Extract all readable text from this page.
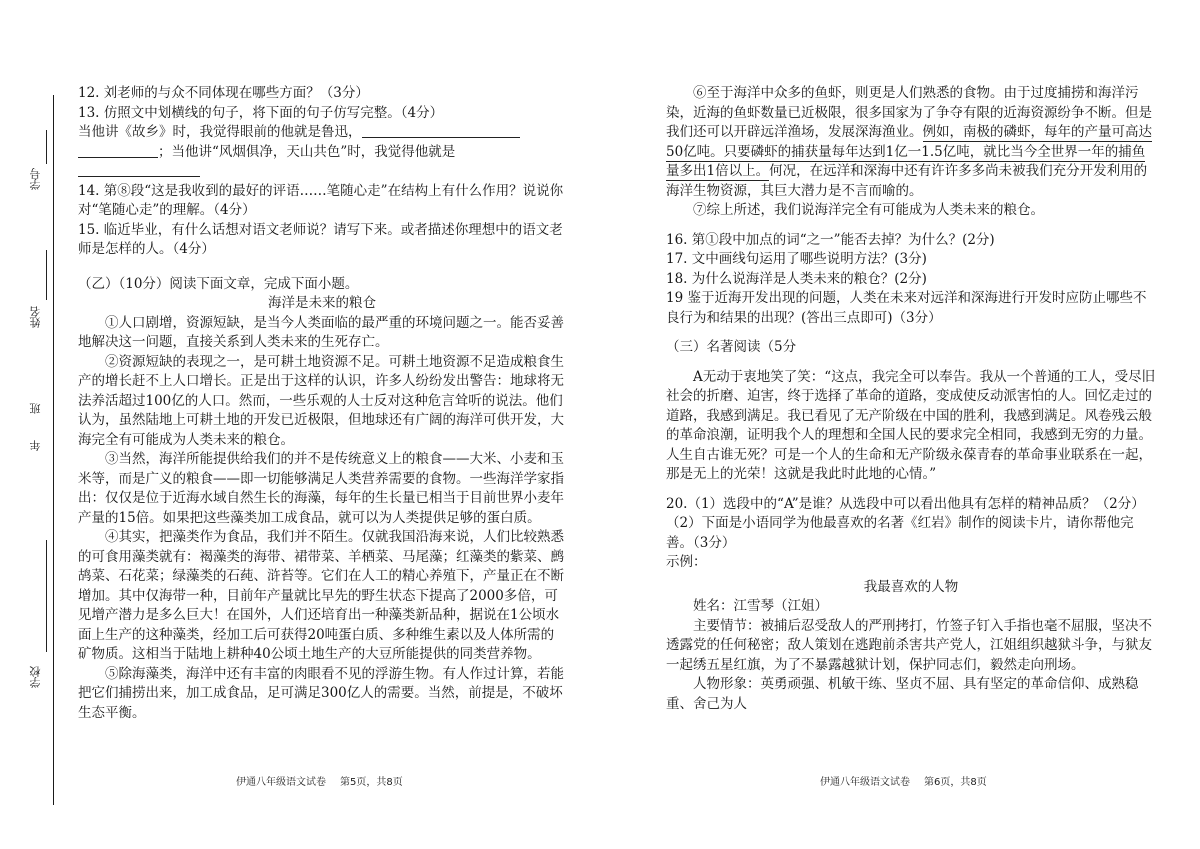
学号
姓名
班
年
学校

12. 刘老师的与众不同体现在哪些方面？（3分）

13. 仿照文中划横线的句子，将下面的句子仿写完整。（4分）

当他讲《故乡》时，我觉得眼前的他就是鲁迅，

；当他讲“风烟俱净，天山共色”时，我觉得他就是

14. 第⑧段“这是我收到的最好的评语……笔随心走”在结构上有什么作用？说说你对“笔随心走”的理解。（4分）

15. 临近毕业，有什么话想对语文老师说？请写下来。或者描述你理想中的语文老师是怎样的人。（4分）

（乙）（10分）阅读下面文章，完成下面小题。

海洋是未来的粮仓

①人口剧增，资源短缺，是当今人类面临的最严重的环境问题之一。能否妥善地解决这一问题，直接关系到人类未来的生死存亡。

②资源短缺的表现之一，是可耕土地资源不足。可耕土地资源不足造成粮食生产的增长赶不上人口增长。正是出于这样的认识，许多人纷纷发出警告：地球将无法养活超过100亿的人口。然而，一些乐观的人士反对这种危言耸听的说法。他们认为，虽然陆地上可耕土地的开发已近极限，但地球还有广阔的海洋可供开发，大海完全有可能成为人类未来的粮仓。

③当然，海洋所能提供给我们的并不是传统意义上的粮食——大米、小麦和玉米等，而是广义的粮食——即一切能够满足人类营养需要的食物。一些海洋学家指出：仅仅是位于近海水域自然生长的海藻，每年的生长量已相当于目前世界小麦年产量的15倍。如果把这些藻类加工成食品，就可以为人类提供足够的蛋白质。

④其实，把藻类作为食品，我们并不陌生。仅就我国沿海来说，人们比较熟悉的可食用藻类就有：褐藻类的海带、裙带菜、羊栖菜、马尾藻；红藻类的紫菜、鹧鸪菜、石花菜；绿藻类的石莼、浒苔等。它们在人工的精心养殖下，产量正在不断增加。其中仅海带一种，目前年产量就比早先的野生状态下提高了2000多倍，可见增产潜力是多么巨大！在国外，人们还培育出一种藻类新品种，据说在1公顷水面上生产的这种藻类，经加工后可获得20吨蛋白质、多种维生素以及人体所需的矿物质。这相当于陆地上耕种40公顷土地生产的大豆所能提供的同类营养物。

⑤除海藻类，海洋中还有丰富的肉眼看不见的浮游生物。有人作过计算，若能把它们捕捞出来，加工成食品，足可满足300亿人的需要。当然，前提是，不破坏生态平衡。

伊通八年级语文试卷 第5页，共8页

⑥至于海洋中众多的鱼虾，则更是人们熟悉的食物。由于过度捕捞和海洋污染，近海的鱼虾数量已近极限，很多国家为了争夺有限的近海资源纷争不断。但是我们还可以开辟远洋渔场，发展深海渔业。例如，南极的磷虾，每年的产量可高达50亿吨。只要磷虾的捕获量每年达到1亿一1.5亿吨，就比当今全世界一年的捕鱼量多出1倍以上。何况，在远洋和深海中还有许许多多尚未被我们充分开发利用的海洋生物资源，其巨大潜力是不言而喻的。

⑦综上所述，我们说海洋完全有可能成为人类未来的粮仓。

16. 第①段中加点的词“之一”能否去掉？为什么？(2分)

17. 文中画线句运用了哪些说明方法？(3分)

18. 为什么说海洋是人类未来的粮仓？(2分)

19 鉴于近海开发出现的问题，人类在未来对远洋和深海进行开发时应防止哪些不良行为和结果的出现？(答出三点即可)（3分）

（三）名著阅读（5分

A无动于衷地笑了笑：“这点，我完全可以奉告。我从一个普通的工人，受尽旧社会的折磨、迫害，终于选择了革命的道路，变成使反动派害怕的人。回忆走过的道路，我感到满足。我已看见了无产阶级在中国的胜利，我感到满足。风卷残云般的革命浪潮，证明我个人的理想和全国人民的要求完全相同，我感到无穷的力量。人生自古谁无死？可是一个人的生命和无产阶级永葆青春的革命事业联系在一起，那是无上的光荣！这就是我此时此地的心情。”

20.（1）选段中的“A”是谁？从选段中可以看出他具有怎样的精神品质？（2分）

（2）下面是小语同学为他最喜欢的名著《红岩》制作的阅读卡片，请你帮他完善。（3分）

示例：

我最喜欢的人物

姓名：江雪琴（江姐）

主要情节：被捕后忍受敌人的严刑拷打，竹签子钉入手指也毫不屈服，坚决不透露党的任何秘密；敌人策划在逃跑前杀害共产党人，江姐组织越狱斗争，与狱友一起绣五星红旗，为了不暴露越狱计划，保护同志们，毅然走向刑场。

人物形象：英勇顽强、机敏干练、坚贞不屈、具有坚定的革命信仰、成熟稳重、舍己为人

伊通八年级语文试卷 第6页，共8页
